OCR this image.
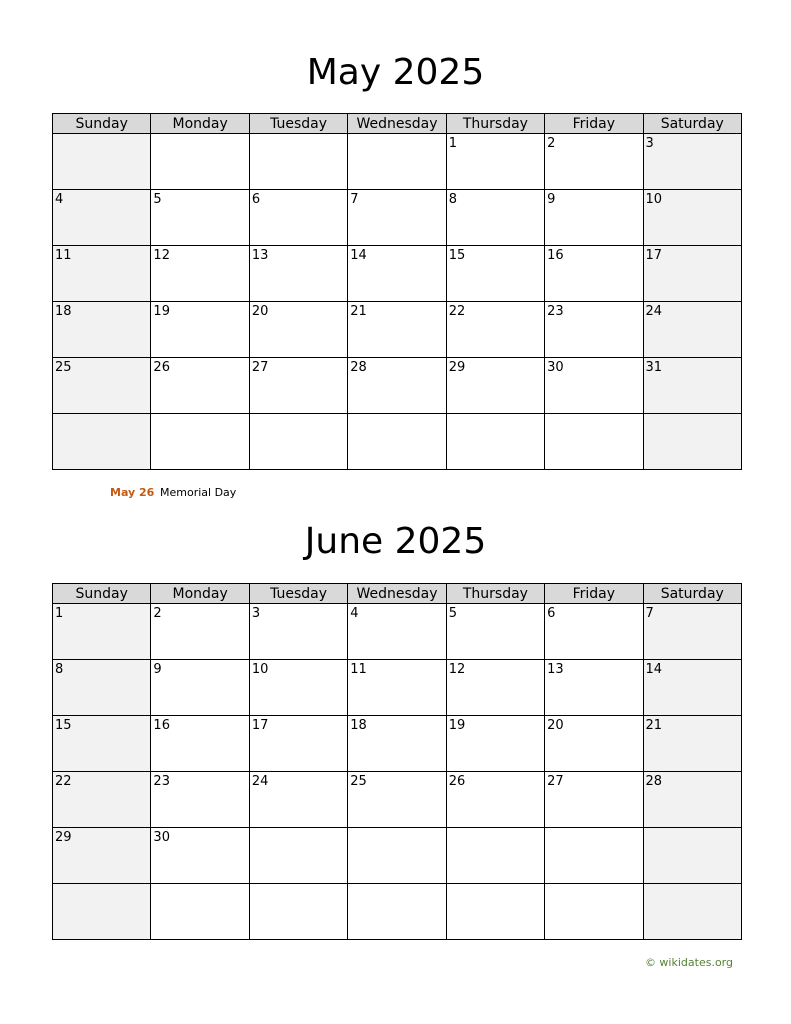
May 2025
Sunday	Monday	Tuesday	Wednesday	Thursday	Friday	Saturday

				1	2	3

4	5	6	7	8	9	10

11	12	13	14	15	16	17

18	19	20	21	22	23	24

25	26	27	28	29	30	31

May 26 Memorial Day
June 2025
Sunday	Monday	Tuesday	Wednesday	Thursday	Friday	Saturday

1	2	3	4	5	6	7

8	9	10	11	12	13	14

15	16	17	18	19	20	21

22	23	24	25	26	27	28

29	30					

© wikidates.org
